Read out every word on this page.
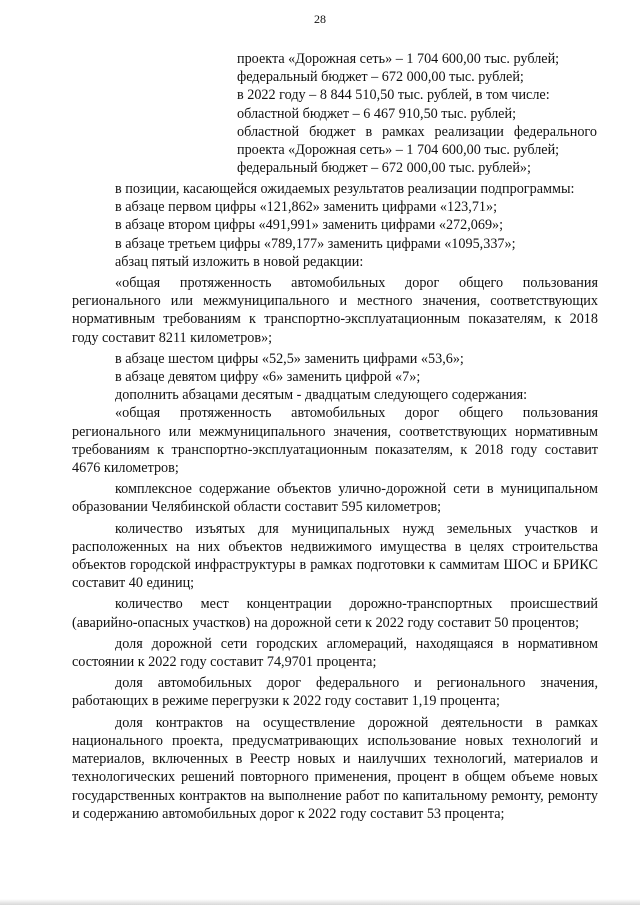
28
проекта «Дорожная сеть» – 1 704 600,00 тыс. рублей;
федеральный бюджет – 672 000,00 тыс. рублей;
в 2022 году – 8 844 510,50 тыс. рублей, в том числе:
областной бюджет – 6 467 910,50 тыс. рублей;
областной бюджет в рамках реализации федерального
проекта «Дорожная сеть» – 1 704 600,00 тыс. рублей;
федеральный бюджет – 672 000,00 тыс. рублей»;

в позиции, касающейся ожидаемых результатов реализации подпрограммы:

в абзаце первом цифры «121,862» заменить цифрами «123,71»;

в абзаце втором цифры «491,991» заменить цифрами «272,069»;

в абзаце третьем цифры «789,177» заменить цифрами «1095,337»;

абзац пятый изложить в новой редакции:

«общая протяженность автомобильных дорог общего пользования регионального или межмуниципального и местного значения, соответствующих нормативным требованиям к транспортно-эксплуатационным показателям, к 2018 году составит 8211 километров»;

в абзаце шестом цифры «52,5» заменить цифрами «53,6»;

в абзаце девятом цифру «6» заменить цифрой «7»;

дополнить абзацами десятым - двадцатым следующего содержания:

«общая протяженность автомобильных дорог общего пользования регионального или межмуниципального значения, соответствующих нормативным требованиям к транспортно-эксплуатационным показателям, к 2018 году составит 4676 километров;

комплексное содержание объектов улично-дорожной сети в муниципальном образовании Челябинской области составит 595 километров;

количество изъятых для муниципальных нужд земельных участков и расположенных на них объектов недвижимого имущества в целях строительства объектов городской инфраструктуры в рамках подготовки к саммитам ШОС и БРИКС составит 40 единиц;

количество мест концентрации дорожно-транспортных происшествий (аварийно-опасных участков) на дорожной сети к 2022 году составит 50 процентов;

доля дорожной сети городских агломераций, находящаяся в нормативном состоянии к 2022 году составит 74,9701 процента;

доля автомобильных дорог федерального и регионального значения, работающих в режиме перегрузки к 2022 году составит 1,19 процента;

доля контрактов на осуществление дорожной деятельности в рамках национального проекта, предусматривающих использование новых технологий и материалов, включенных в Реестр новых и наилучших технологий, материалов и технологических решений повторного применения, процент в общем объеме новых государственных контрактов на выполнение работ по капитальному ремонту, ремонту и содержанию автомобильных дорог к 2022 году составит 53 процента;
